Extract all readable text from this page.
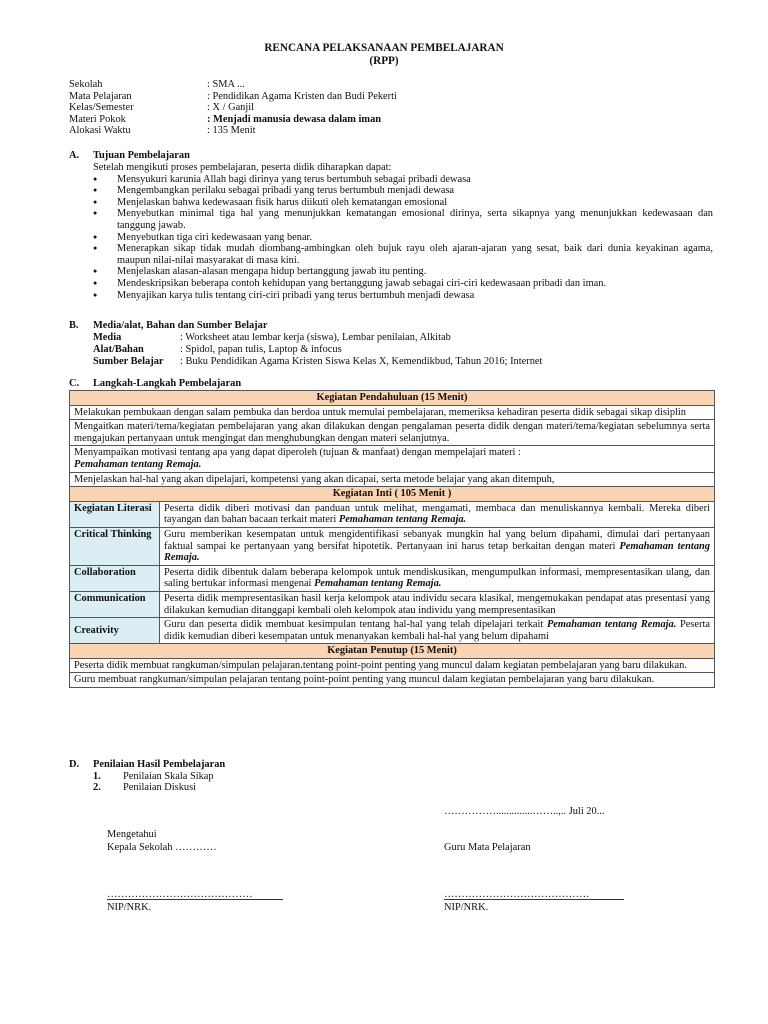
RENCANA PELAKSANAAN PEMBELAJARAN
(RPP)
Sekolah	: SMA ...
Mata Pelajaran	: Pendidikan Agama Kristen dan Budi Pekerti
Kelas/Semester	: X / Ganjil
Materi Pokok	: Menjadi manusia dewasa dalam iman
Alokasi Waktu	: 135 Menit
A. Tujuan Pembelajaran
Setelah mengikuti proses pembelajaran, peserta didik diharapkan dapat:
● Mensyukuri karunia Allah bagi dirinya yang terus bertumbuh sebagai pribadi dewasa
● Mengembangkan perilaku sebagai pribadi yang terus bertumbuh menjadi dewasa
● Menjelaskan bahwa kedewasaan fisik harus diikuti oleh kematangan emosional
● Menyebutkan minimal tiga hal yang menunjukkan kematangan emosional dirinya, serta sikapnya yang menunjukkan kedewasaan dan tanggung jawab.
● Menyebutkan tiga ciri kedewasaan yang benar.
● Menerapkan sikap tidak mudah diombang-ambingkan oleh bujuk rayu oleh ajaran-ajaran yang sesat, baik dari dunia keyakinan agama, maupun nilai-nilai masyarakat di masa kini.
● Menjelaskan alasan-alasan mengapa hidup bertanggung jawab itu penting.
● Mendeskripsikan beberapa contoh kehidupan yang bertanggung jawab sebagai ciri-ciri kedewasaan pribadi dan iman.
● Menyajikan karya tulis tentang ciri-ciri pribadi yang terus bertumbuh menjadi dewasa
B. Media/alat, Bahan dan Sumber Belajar
Media	: Worksheet atau lembar kerja (siswa), Lembar penilaian, Alkitab
Alat/Bahan	: Spidol, papan tulis, Laptop & infocus
Sumber Belajar	: Buku Pendidikan Agama Kristen Siswa Kelas X, Kemendikbud, Tahun 2016; Internet
C. Langkah-Langkah Pembelajaran
Kegiatan Pendahuluan (15 Menit)	
Melakukan pembukaan dengan salam pembuka dan berdoa untuk memulai pembelajaran, memeriksa kehadiran peserta didik sebagai sikap disiplin	
Mengaitkan materi/tema/kegiatan pembelajaran yang akan dilakukan dengan pengalaman peserta didik dengan materi/tema/kegiatan sebelumnya serta mengajukan pertanyaan untuk mengingat dan menghubungkan dengan materi selanjutnya.	
Menyampaikan motivasi tentang apa yang dapat diperoleh (tujuan & manfaat) dengan mempelajari materi :
Pemahaman tentang Remaja.	
Menjelaskan hal-hal yang akan dipelajari, kompetensi yang akan dicapai, serta metode belajar yang akan ditempuh,	
Kegiatan Inti ( 105 Menit )	
Kegiatan Literasi	Peserta didik diberi motivasi dan panduan untuk melihat, mengamati, membaca dan menuliskannya kembali. Mereka diberi tayangan dan bahan bacaan terkait materi Pemahaman tentang Remaja.
Critical Thinking	Guru memberikan kesempatan untuk mengidentifikasi sebanyak mungkin hal yang belum dipahami, dimulai dari pertanyaan faktual sampai ke pertanyaan yang bersifat hipotetik. Pertanyaan ini harus tetap berkaitan dengan materi Pemahaman tentang Remaja.
Collaboration	Peserta didik dibentuk dalam beberapa kelompok untuk mendiskusikan, mengumpulkan informasi, mempresentasikan ulang, dan saling bertukar informasi mengenai Pemahaman tentang Remaja.
Communication	Peserta didik mempresentasikan hasil kerja kelompok atau individu secara klasikal, mengemukakan pendapat atas presentasi yang dilakukan kemudian ditanggapi kembali oleh kelompok atau individu yang mempresentasikan
Creativity	Guru dan peserta didik membuat kesimpulan tentang hal-hal yang telah dipelajari terkait Pemahaman tentang Remaja. Peserta didik kemudian diberi kesempatan untuk menanyakan kembali hal-hal yang belum dipahami
Kegiatan Penutup (15 Menit)	
Peserta didik membuat rangkuman/simpulan pelajaran.tentang point-point penting yang muncul dalam kegiatan pembelajaran yang baru dilakukan.	
Guru membuat rangkuman/simpulan pelajaran tentang point-point penting yang muncul dalam kegiatan pembelajaran yang baru dilakukan.	
D. Penilaian Hasil Pembelajaran
1.	Penilaian Skala Sikap
2.	Penilaian Diskusi
……………..............……..,.. Juli 20...
Mengetahui
Kepala Sekolah …………	Guru Mata Pelajaran
……………………………………	……………………………………
NIP/NRK.	NIP/NRK.
